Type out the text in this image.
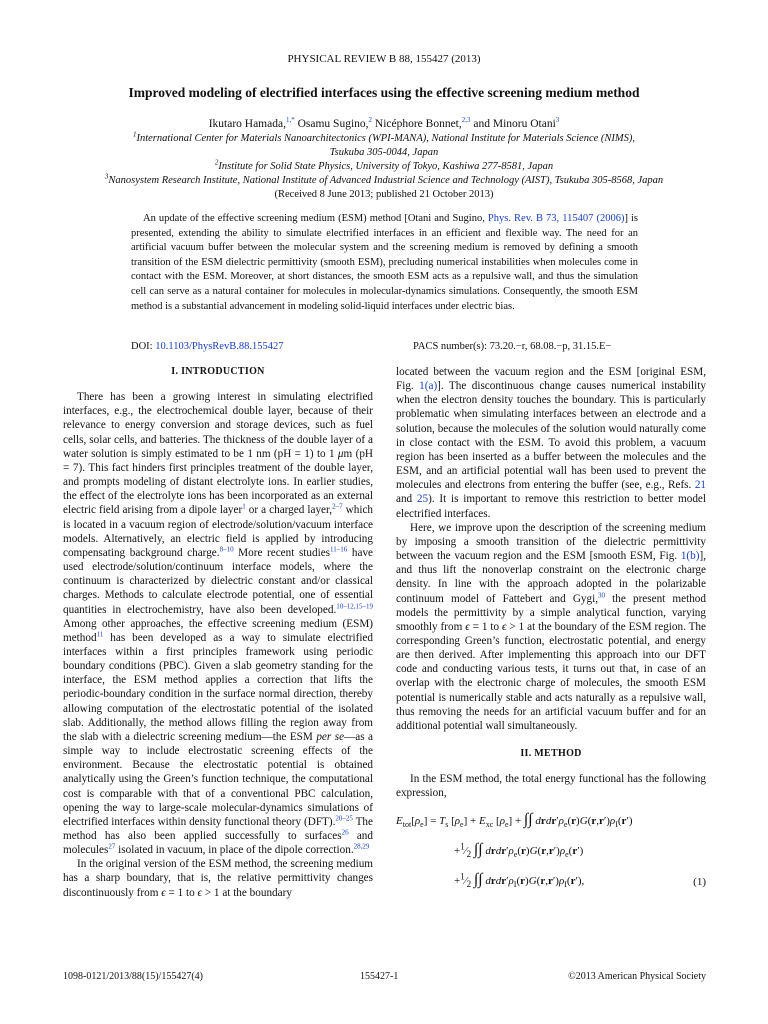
PHYSICAL REVIEW B 88, 155427 (2013)
Improved modeling of electrified interfaces using the effective screening medium method
Ikutaro Hamada,$^{1,*}$ Osamu Sugino,$^2$ Nicéphore Bonnet,$^{2,3}$ and Minoru Otani$^3$
$^1$International Center for Materials Nanoarchitectonics (WPI-MANA), National Institute for Materials Science (NIMS),
Tsukuba 305-0044, Japan
$^2$Institute for Solid State Physics, University of Tokyo, Kashiwa 277-8581, Japan
$^3$Nanosystem Research Institute, National Institute of Advanced Industrial Science and Technology (AIST), Tsukuba 305-8568, Japan
(Received 8 June 2013; published 21 October 2013)
An update of the effective screening medium (ESM) method [Otani and Sugino, Phys. Rev. B 73, 115407 (2006)] is presented, extending the ability to simulate electrified interfaces in an efficient and flexible way. The need for an artificial vacuum buffer between the molecular system and the screening medium is removed by defining a smooth transition of the ESM dielectric permittivity (smooth ESM), precluding numerical instabilities when molecules come in contact with the ESM. Moreover, at short distances, the smooth ESM acts as a repulsive wall, and thus the simulation cell can serve as a natural container for molecules in molecular-dynamics simulations. Consequently, the smooth ESM method is a substantial advancement in modeling solid-liquid interfaces under electric bias.
DOI: 10.1103/PhysRevB.88.155427	PACS number(s): 73.20.−r, 68.08.−p, 31.15.E−
I. INTRODUCTION

There has been a growing interest in simulating electrified interfaces, e.g., the electrochemical double layer, because of their relevance to energy conversion and storage devices, such as fuel cells, solar cells, and batteries. The thickness of the double layer of a water solution is simply estimated to be 1 nm (pH = 1) to 1 μm (pH = 7). This fact hinders first principles treatment of the double layer, and prompts modeling of distant electrolyte ions. In earlier studies, the effect of the electrolyte ions has been incorporated as an external electric field arising from a dipole layer$^1$ or a charged layer,$^{2-7}$ which is located in a vacuum region of electrode/solution/vacuum interface models. Alternatively, an electric field is applied by introducing compensating background charge.$^{8-10}$ More recent studies$^{11-16}$ have used electrode/solution/continuum interface models, where the continuum is characterized by dielectric constant and/or classical charges. Methods to calculate electrode potential, one of essential quantities in electrochemistry, have also been developed.$^{10-12,15-19}$ Among other approaches, the effective screening medium (ESM) method$^{11}$ has been developed as a way to simulate electrified interfaces within a first principles framework using periodic boundary conditions (PBC). Given a slab geometry standing for the interface, the ESM method applies a correction that lifts the periodic-boundary condition in the surface normal direction, thereby allowing computation of the electrostatic potential of the isolated slab. Additionally, the method allows filling the region away from the slab with a dielectric screening medium—the ESM per se—as a simple way to include electrostatic screening effects of the environment. Because the electrostatic potential is obtained analytically using the Green’s function technique, the computational cost is comparable with that of a conventional PBC calculation, opening the way to large-scale molecular-dynamics simulations of electrified interfaces within density functional theory (DFT).$^{20-25}$ The method has also been applied successfully to surfaces$^{26}$ and molecules$^{27}$ isolated in vacuum, in place of the dipole correction.$^{28,29}$

In the original version of the ESM method, the screening medium has a sharp boundary, that is, the relative permittivity changes discontinuously from ϵ = 1 to ϵ > 1 at the boundary

located between the vacuum region and the ESM [original ESM, Fig. 1(a)]. The discontinuous change causes numerical instability when the electron density touches the boundary. This is particularly problematic when simulating interfaces between an electrode and a solution, because the molecules of the solution would naturally come in close contact with the ESM. To avoid this problem, a vacuum region has been inserted as a buffer between the molecules and the ESM, and an artificial potential wall has been used to prevent the molecules and electrons from entering the buffer (see, e.g., Refs. 21 and 25). It is important to remove this restriction to better model electrified interfaces.

Here, we improve upon the description of the screening medium by imposing a smooth transition of the dielectric permittivity between the vacuum region and the ESM [smooth ESM, Fig. 1(b)], and thus lift the nonoverlap constraint on the electronic charge density. In line with the approach adopted in the polarizable continuum model of Fattebert and Gygi,$^{30}$ the present method models the permittivity by a simple analytical function, varying smoothly from ϵ = 1 to ϵ > 1 at the boundary of the ESM region. The corresponding Green’s function, electrostatic potential, and energy are then derived. After implementing this approach into our DFT code and conducting various tests, it turns out that, in case of an overlap with the electronic charge of molecules, the smooth ESM potential is numerically stable and acts naturally as a repulsive wall, thus removing the needs for an artificial vacuum buffer and for an additional potential wall simultaneously.

II. METHOD

In the ESM method, the total energy functional has the following expression,

$E_{tot}[\rho_e] = T_s$ $[\rho_e] + E_{xc}$ $[\rho_e]$ + ∫∫ $drdr'\rho_e(r)G(r,r')\rho_I(r')$
$+^1⁄_2$ ∫∫ $drdr'\rho_e(r)G(r,r')\rho_e(r')$
$+^1⁄_2$ ∫∫ $drdr'\rho_I(r)G(r,r')\rho_I(r')$,	(1)
1098-0121/2013/88(15)/155427(4)	155427-1	©2013 American Physical Society
